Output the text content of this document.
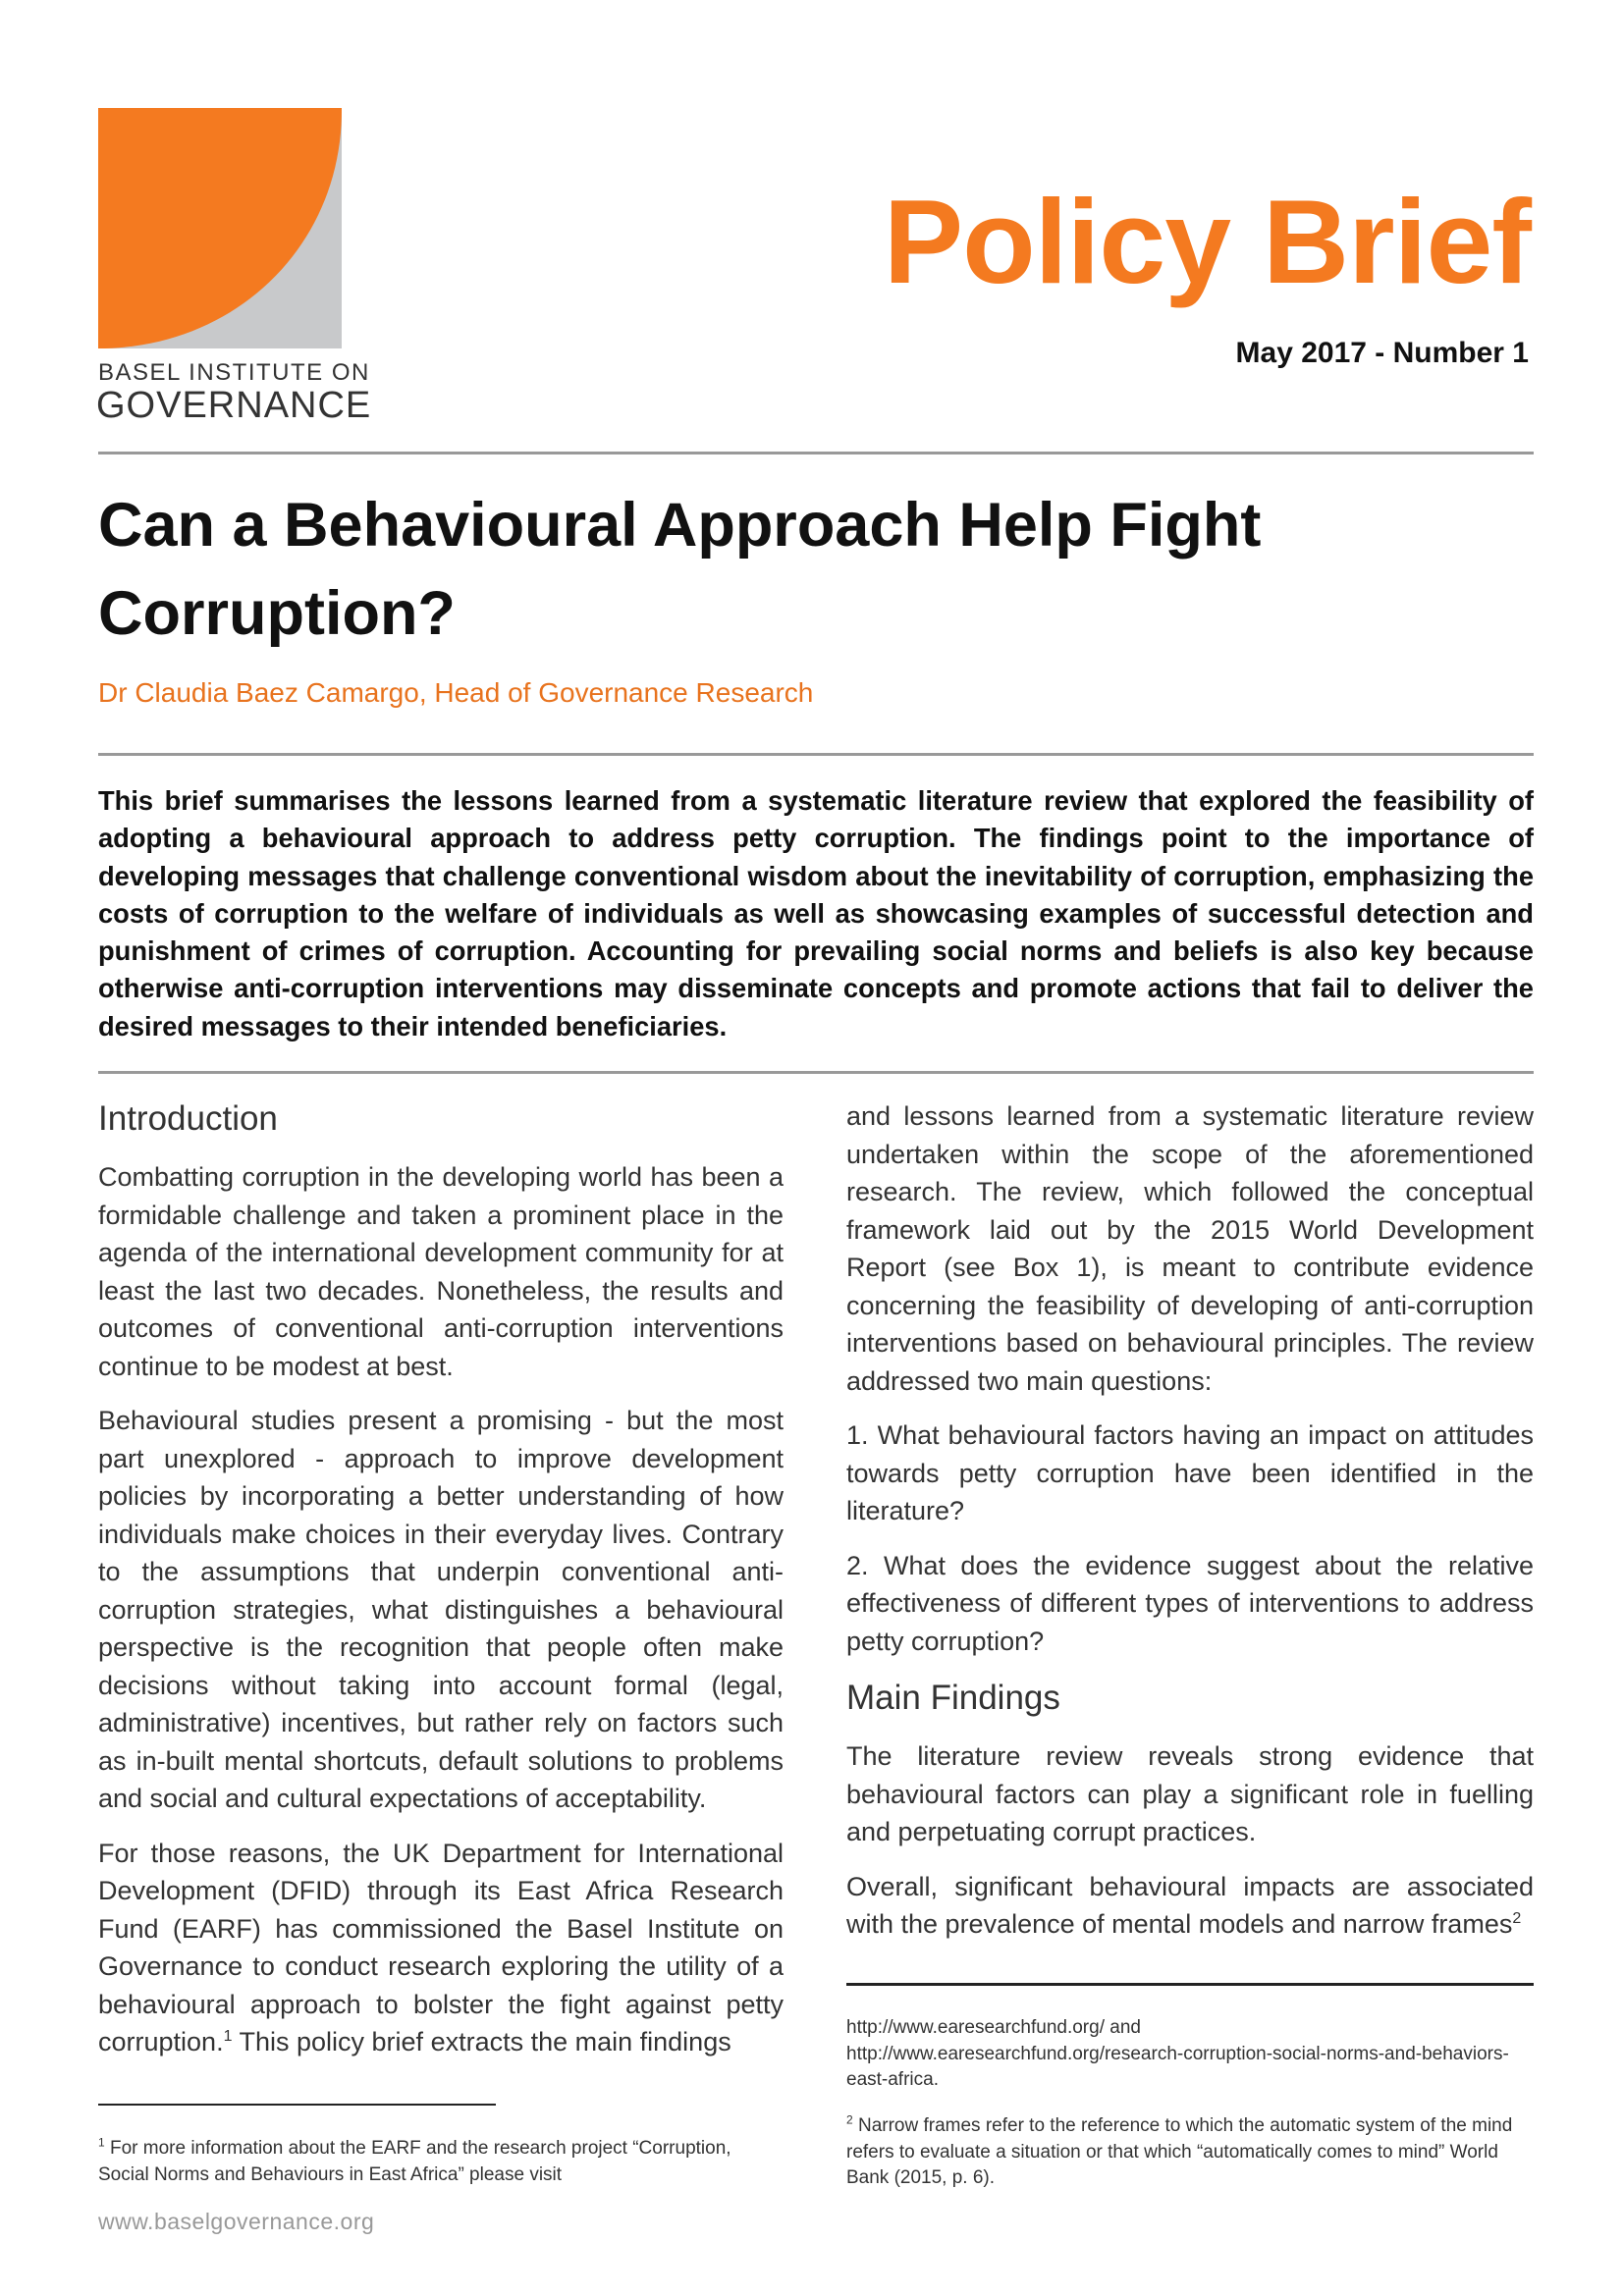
BASEL INSTITUTE ON
GOVERNANCE
Policy Brief
May 2017 - Number 1
Can a Behavioural Approach Help Fight Corruption?
Dr Claudia Baez Camargo, Head of Governance Research
This brief summarises the lessons learned from a systematic literature review that explored the feasibility of adopting a behavioural approach to address petty corruption. The findings point to the importance of developing messages that challenge conventional wisdom about the inevitability of corruption, emphasizing the costs of corruption to the welfare of individuals as well as showcasing examples of successful detection and punishment of crimes of corruption. Accounting for prevailing social norms and beliefs is also key because otherwise anti-corruption interventions may disseminate concepts and promote actions that fail to deliver the desired messages to their intended beneficiaries.
Introduction

Combatting corruption in the developing world has been a formidable challenge and taken a prominent place in the agenda of the international development community for at least the last two decades. Nonetheless, the results and outcomes of conventional anti-corruption interventions continue to be modest at best.

Behavioural studies present a promising - but the most part unexplored - approach to improve development policies by incorporating a better understanding of how individuals make choices in their everyday lives. Contrary to the assumptions that underpin conventional anti-corruption strategies, what distinguishes a behavioural perspective is the recognition that people often make decisions without taking into account formal (legal, administrative) incentives, but rather rely on factors such as in-built mental shortcuts, default solutions to problems and social and cultural expectations of acceptability.

For those reasons, the UK Department for International Development (DFID) through its East Africa Research Fund (EARF) has commissioned the Basel Institute on Governance to conduct research exploring the utility of a behavioural approach to bolster the fight against petty corruption.$^1$ This policy brief extracts the main findings

and lessons learned from a systematic literature review undertaken within the scope of the aforementioned research. The review, which followed the conceptual framework laid out by the 2015 World Development Report (see Box 1), is meant to contribute evidence concerning the feasibility of developing of anti-corruption interventions based on behavioural principles. The review addressed two main questions:

1. What behavioural factors having an impact on attitudes towards petty corruption have been identified in the literature?

2. What does the evidence suggest about the relative effectiveness of different types of interventions to address petty corruption?

Main Findings

The literature review reveals strong evidence that behavioural factors can play a significant role in fuelling and perpetuating corrupt practices.

Overall, significant behavioural impacts are associated with the prevalence of mental models and narrow frames$^2$

$^1$ For more information about the EARF and the research project “Corruption, Social Norms and Behaviours in East Africa” please visit
http://www.earesearchfund.org/ and
http://www.earesearchfund.org/research-corruption-social-norms-and-behaviors-east-africa.
$^2$ Narrow frames refer to the reference to which the automatic system of the mind refers to evaluate a situation or that which “automatically comes to mind” World Bank (2015, p. 6).
www.baselgovernance.org
